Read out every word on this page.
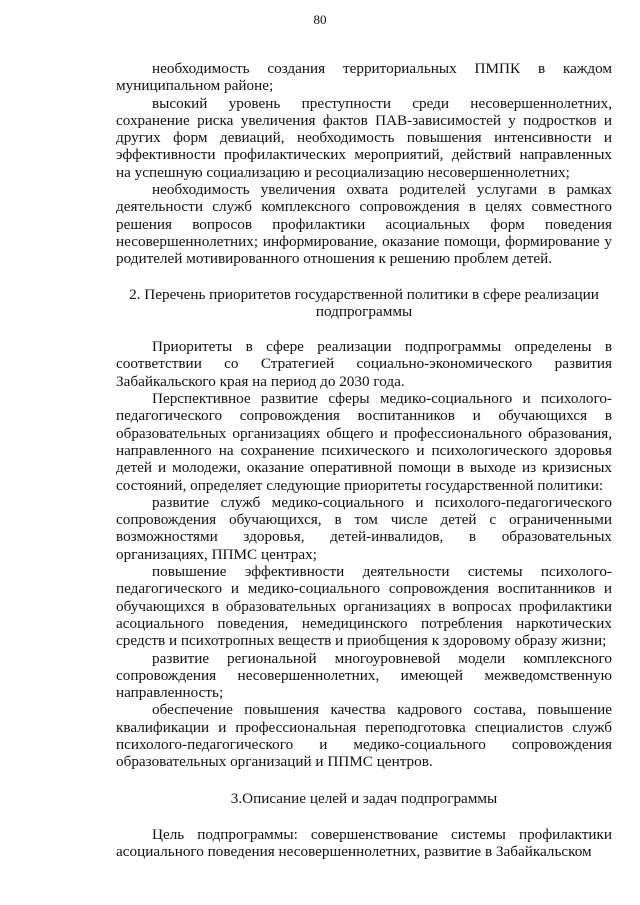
80

необходимость создания территориальных ПМПК в каждом муниципальном районе;

высокий уровень преступности среди несовершеннолетних, сохранение риска увеличения фактов ПАВ-зависимостей у подростков и других форм девиаций, необходимость повышения интенсивности и эффективности профилактических мероприятий, действий направленных на успешную социализацию и ресоциализацию несовершеннолетних;

необходимость увеличения охвата родителей услугами в рамках деятельности служб комплексного сопровождения в целях совместного решения вопросов профилактики асоциальных форм поведения несовершеннолетних; информирование, оказание помощи, формирование у родителей мотивированного отношения к решению проблем детей.

2. Перечень приоритетов государственной политики в сфере реализации подпрограммы

Приоритеты в сфере реализации подпрограммы определены в соответствии со Стратегией социально-экономического развития Забайкальского края на период до 2030 года.

Перспективное развитие сферы медико-социального и психолого-педагогического сопровождения воспитанников и обучающихся в образовательных организациях общего и профессионального образования, направленного на сохранение психического и психологического здоровья детей и молодежи, оказание оперативной помощи в выходе из кризисных состояний, определяет следующие приоритеты государственной политики:

развитие служб медико-социального и психолого-педагогического сопровождения обучающихся, в том числе детей с ограниченными возможностями здоровья, детей-инвалидов, в образовательных организациях, ППМС центрах;

повышение эффективности деятельности системы психолого-педагогического и медико-социального сопровождения воспитанников и обучающихся в образовательных организациях в вопросах профилактики асоциального поведения, немедицинского потребления наркотических средств и психотропных веществ и приобщения к здоровому образу жизни;

развитие региональной многоуровневой модели комплексного сопровождения несовершеннолетних, имеющей межведомственную направленность;

обеспечение повышения качества кадрового состава, повышение квалификации и профессиональная переподготовка специалистов служб психолого-педагогического и медико-социального сопровождения образовательных организаций и ППМС центров.

3.Описание целей и задач подпрограммы

Цель подпрограммы: совершенствование системы профилактики асоциального поведения несовершеннолетних, развитие в Забайкальском
